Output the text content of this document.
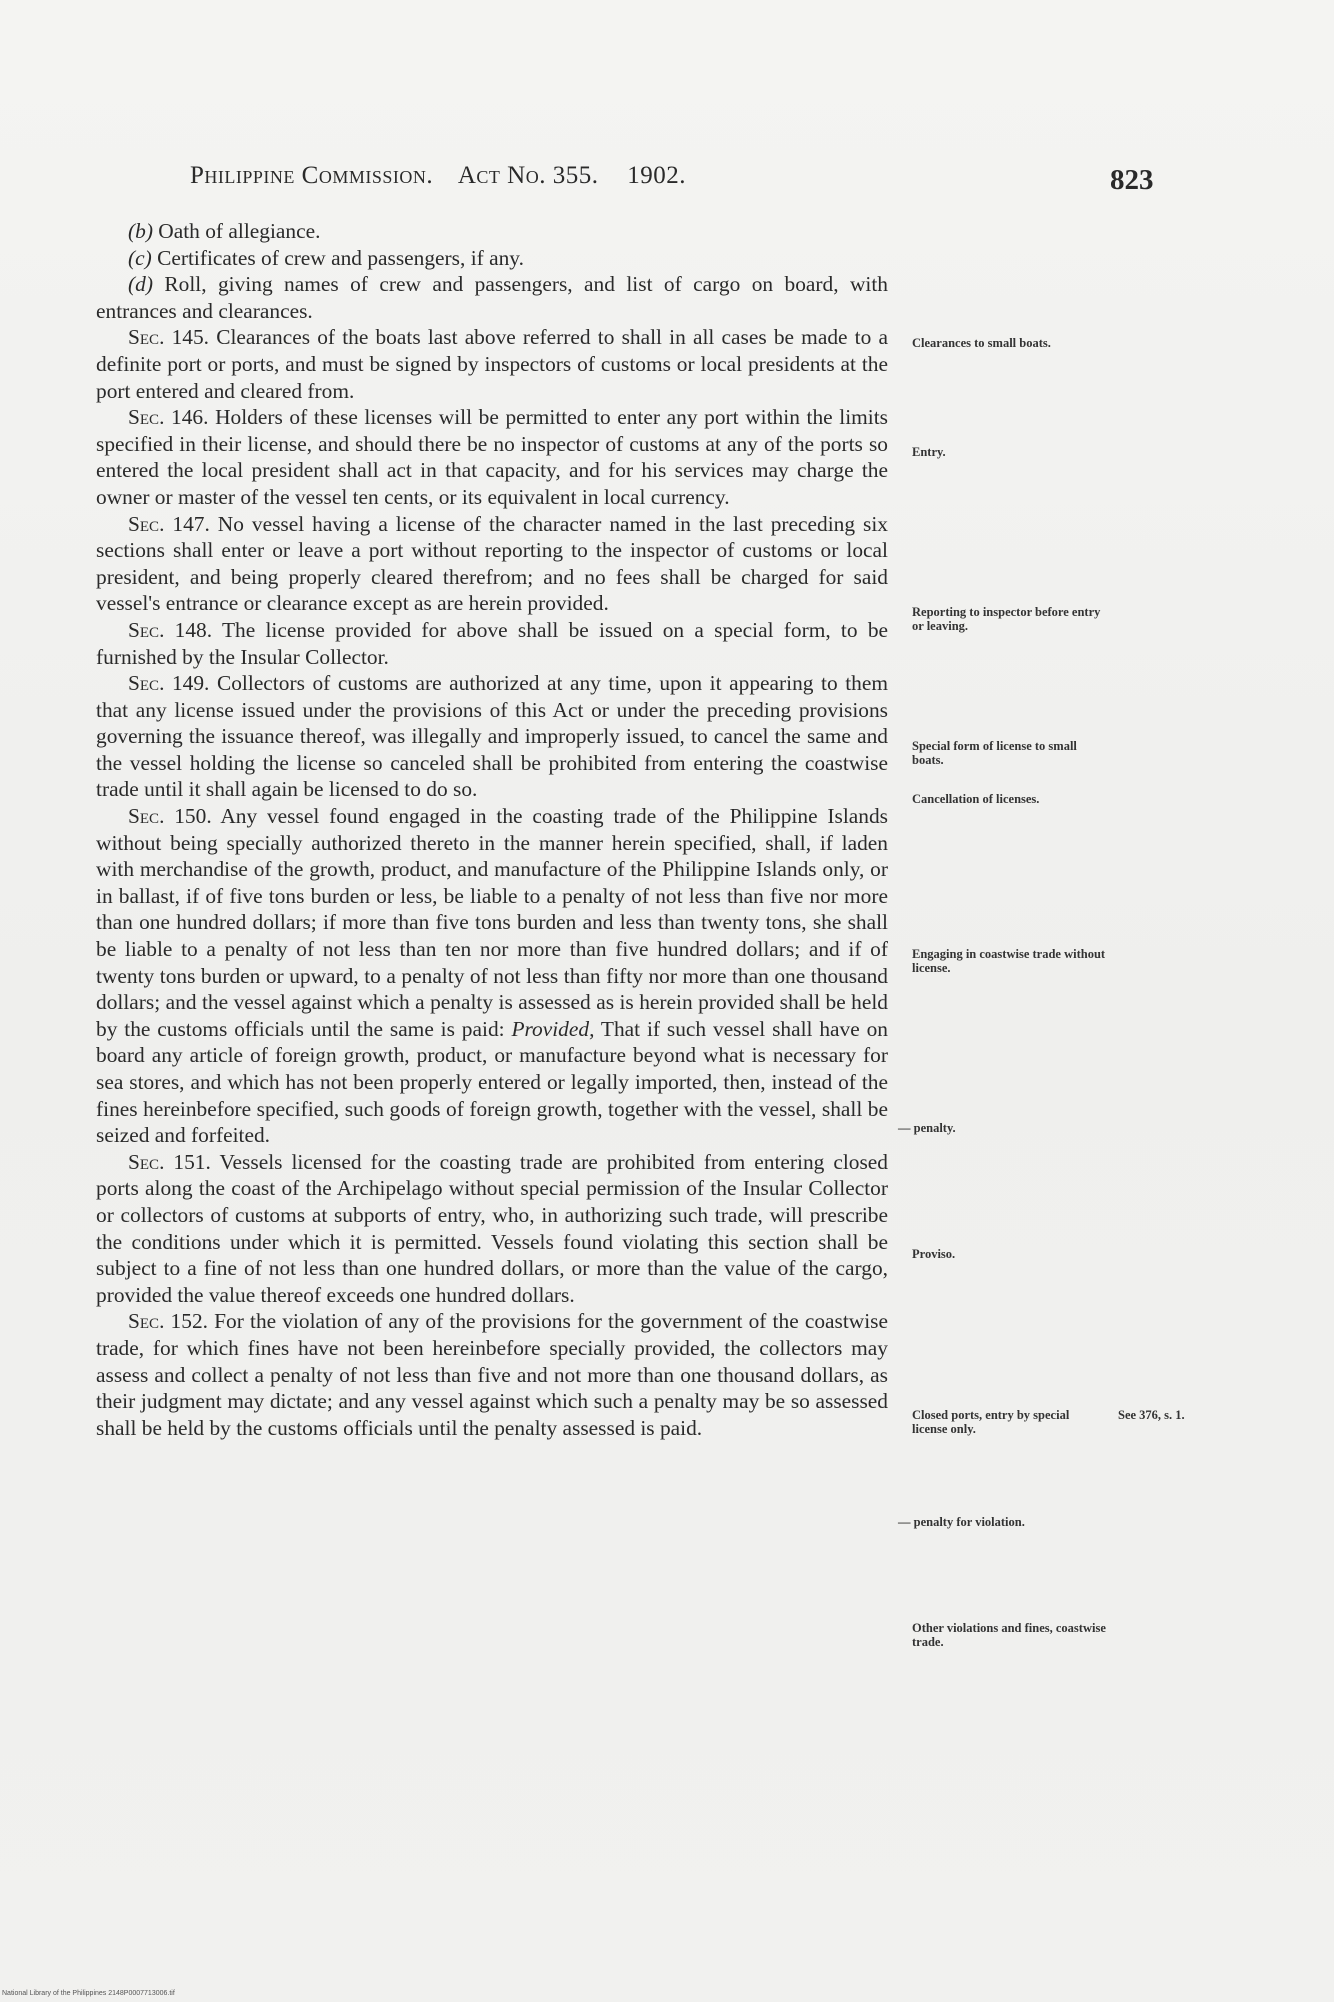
Philippine Commission. Act No. 355. 1902.	823

(b) Oath of allegiance.

(c) Certificates of crew and passengers, if any.

(d) Roll, giving names of crew and passengers, and list of cargo on board, with entrances and clearances.

Sec. 145. Clearances of the boats last above referred to shall in all cases be made to a definite port or ports, and must be signed by inspectors of customs or local presidents at the port entered and cleared from.

Sec. 146. Holders of these licenses will be permitted to enter any port within the limits specified in their license, and should there be no inspector of customs at any of the ports so entered the local president shall act in that capacity, and for his services may charge the owner or master of the vessel ten cents, or its equivalent in local currency.

Sec. 147. No vessel having a license of the character named in the last preceding six sections shall enter or leave a port without reporting to the inspector of customs or local president, and being properly cleared therefrom; and no fees shall be charged for said vessel's entrance or clearance except as are herein provided.

Sec. 148. The license provided for above shall be issued on a special form, to be furnished by the Insular Collector.

Sec. 149. Collectors of customs are authorized at any time, upon it appearing to them that any license issued under the provisions of this Act or under the preceding provisions governing the issuance thereof, was illegally and improperly issued, to cancel the same and the vessel holding the license so canceled shall be prohibited from entering the coastwise trade until it shall again be licensed to do so.

Sec. 150. Any vessel found engaged in the coasting trade of the Philippine Islands without being specially authorized thereto in the manner herein specified, shall, if laden with merchandise of the growth, product, and manufacture of the Philippine Islands only, or in ballast, if of five tons burden or less, be liable to a penalty of not less than five nor more than one hundred dollars; if more than five tons burden and less than twenty tons, she shall be liable to a penalty of not less than ten nor more than five hundred dollars; and if of twenty tons burden or upward, to a penalty of not less than fifty nor more than one thousand dollars; and the vessel against which a penalty is assessed as is herein provided shall be held by the customs officials until the same is paid: Provided, That if such vessel shall have on board any article of foreign growth, product, or manufacture beyond what is necessary for sea stores, and which has not been properly entered or legally imported, then, instead of the fines hereinbefore specified, such goods of foreign growth, together with the vessel, shall be seized and forfeited.

Sec. 151. Vessels licensed for the coasting trade are prohibited from entering closed ports along the coast of the Archipelago without special permission of the Insular Collector or collectors of customs at subports of entry, who, in authorizing such trade, will prescribe the conditions under which it is permitted. Vessels found violating this section shall be subject to a fine of not less than one hundred dollars, or more than the value of the cargo, provided the value thereof exceeds one hundred dollars.

Sec. 152. For the violation of any of the provisions for the government of the coastwise trade, for which fines have not been hereinbefore specially provided, the collectors may assess and collect a penalty of not less than five and not more than one thousand dollars, as their judgment may dictate; and any vessel against which such a penalty may be so assessed shall be held by the customs officials until the penalty assessed is paid.

Clearances to small boats.
Entry.
Reporting to inspector before entry or leaving.
Special form of license to small boats.
Cancellation of licenses.
Engaging in coastwise trade without license.
— penalty.
Proviso.
Closed ports, entry by special license only.
— penalty for violation.
Other violations and fines, coastwise trade.
See 376, s. 1.
National Library of the Philippines 2148P0007713006.tif
